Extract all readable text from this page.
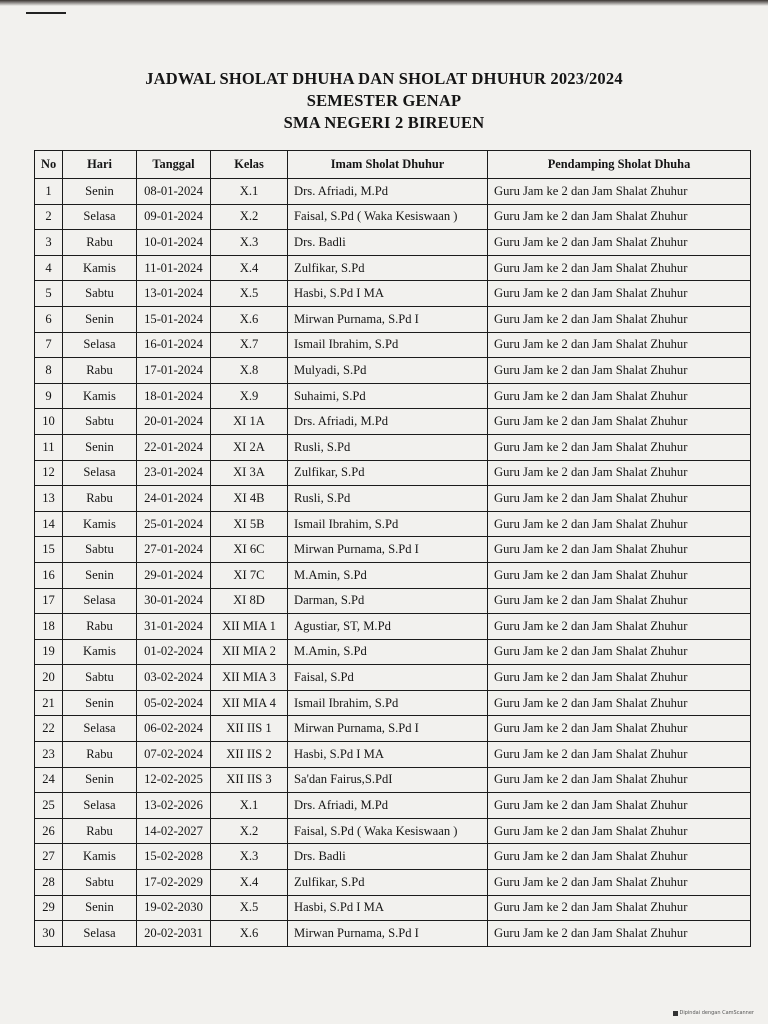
JADWAL SHOLAT DHUHA DAN SHOLAT DHUHUR 2023/2024
SEMESTER GENAP
SMA NEGERI 2 BIREUEN
No	Hari	Tanggal	Kelas	Imam Sholat Dhuhur	Pendamping Sholat Dhuha
1	Senin	08-01-2024	X.1	Drs. Afriadi, M.Pd	Guru Jam ke 2 dan Jam Shalat Zhuhur
2	Selasa	09-01-2024	X.2	Faisal, S.Pd ( Waka Kesiswaan )	Guru Jam ke 2 dan Jam Shalat Zhuhur
3	Rabu	10-01-2024	X.3	Drs. Badli	Guru Jam ke 2 dan Jam Shalat Zhuhur
4	Kamis	11-01-2024	X.4	Zulfikar, S.Pd	Guru Jam ke 2 dan Jam Shalat Zhuhur
5	Sabtu	13-01-2024	X.5	Hasbi, S.Pd I MA	Guru Jam ke 2 dan Jam Shalat Zhuhur
6	Senin	15-01-2024	X.6	Mirwan Purnama, S.Pd I	Guru Jam ke 2 dan Jam Shalat Zhuhur
7	Selasa	16-01-2024	X.7	Ismail Ibrahim, S.Pd	Guru Jam ke 2 dan Jam Shalat Zhuhur
8	Rabu	17-01-2024	X.8	Mulyadi, S.Pd	Guru Jam ke 2 dan Jam Shalat Zhuhur
9	Kamis	18-01-2024	X.9	Suhaimi, S.Pd	Guru Jam ke 2 dan Jam Shalat Zhuhur
10	Sabtu	20-01-2024	XI 1A	Drs. Afriadi, M.Pd	Guru Jam ke 2 dan Jam Shalat Zhuhur
11	Senin	22-01-2024	XI 2A	Rusli, S.Pd	Guru Jam ke 2 dan Jam Shalat Zhuhur
12	Selasa	23-01-2024	XI 3A	Zulfikar, S.Pd	Guru Jam ke 2 dan Jam Shalat Zhuhur
13	Rabu	24-01-2024	XI 4B	Rusli, S.Pd	Guru Jam ke 2 dan Jam Shalat Zhuhur
14	Kamis	25-01-2024	XI 5B	Ismail Ibrahim, S.Pd	Guru Jam ke 2 dan Jam Shalat Zhuhur
15	Sabtu	27-01-2024	XI 6C	Mirwan Purnama, S.Pd I	Guru Jam ke 2 dan Jam Shalat Zhuhur
16	Senin	29-01-2024	XI 7C	M.Amin, S.Pd	Guru Jam ke 2 dan Jam Shalat Zhuhur
17	Selasa	30-01-2024	XI 8D	Darman, S.Pd	Guru Jam ke 2 dan Jam Shalat Zhuhur
18	Rabu	31-01-2024	XII MIA 1	Agustiar, ST, M.Pd	Guru Jam ke 2 dan Jam Shalat Zhuhur
19	Kamis	01-02-2024	XII MIA 2	M.Amin, S.Pd	Guru Jam ke 2 dan Jam Shalat Zhuhur
20	Sabtu	03-02-2024	XII MIA 3	Faisal, S.Pd	Guru Jam ke 2 dan Jam Shalat Zhuhur
21	Senin	05-02-2024	XII MIA 4	Ismail Ibrahim, S.Pd	Guru Jam ke 2 dan Jam Shalat Zhuhur
22	Selasa	06-02-2024	XII IIS 1	Mirwan Purnama, S.Pd I	Guru Jam ke 2 dan Jam Shalat Zhuhur
23	Rabu	07-02-2024	XII IIS 2	Hasbi, S.Pd I MA	Guru Jam ke 2 dan Jam Shalat Zhuhur
24	Senin	12-02-2025	XII IIS 3	Sa'dan Fairus,S.PdI	Guru Jam ke 2 dan Jam Shalat Zhuhur
25	Selasa	13-02-2026	X.1	Drs. Afriadi, M.Pd	Guru Jam ke 2 dan Jam Shalat Zhuhur
26	Rabu	14-02-2027	X.2	Faisal, S.Pd ( Waka Kesiswaan )	Guru Jam ke 2 dan Jam Shalat Zhuhur
27	Kamis	15-02-2028	X.3	Drs. Badli	Guru Jam ke 2 dan Jam Shalat Zhuhur
28	Sabtu	17-02-2029	X.4	Zulfikar, S.Pd	Guru Jam ke 2 dan Jam Shalat Zhuhur
29	Senin	19-02-2030	X.5	Hasbi, S.Pd I MA	Guru Jam ke 2 dan Jam Shalat Zhuhur
30	Selasa	20-02-2031	X.6	Mirwan Purnama, S.Pd I	Guru Jam ke 2 dan Jam Shalat Zhuhur
Dipindai dengan CamScanner
